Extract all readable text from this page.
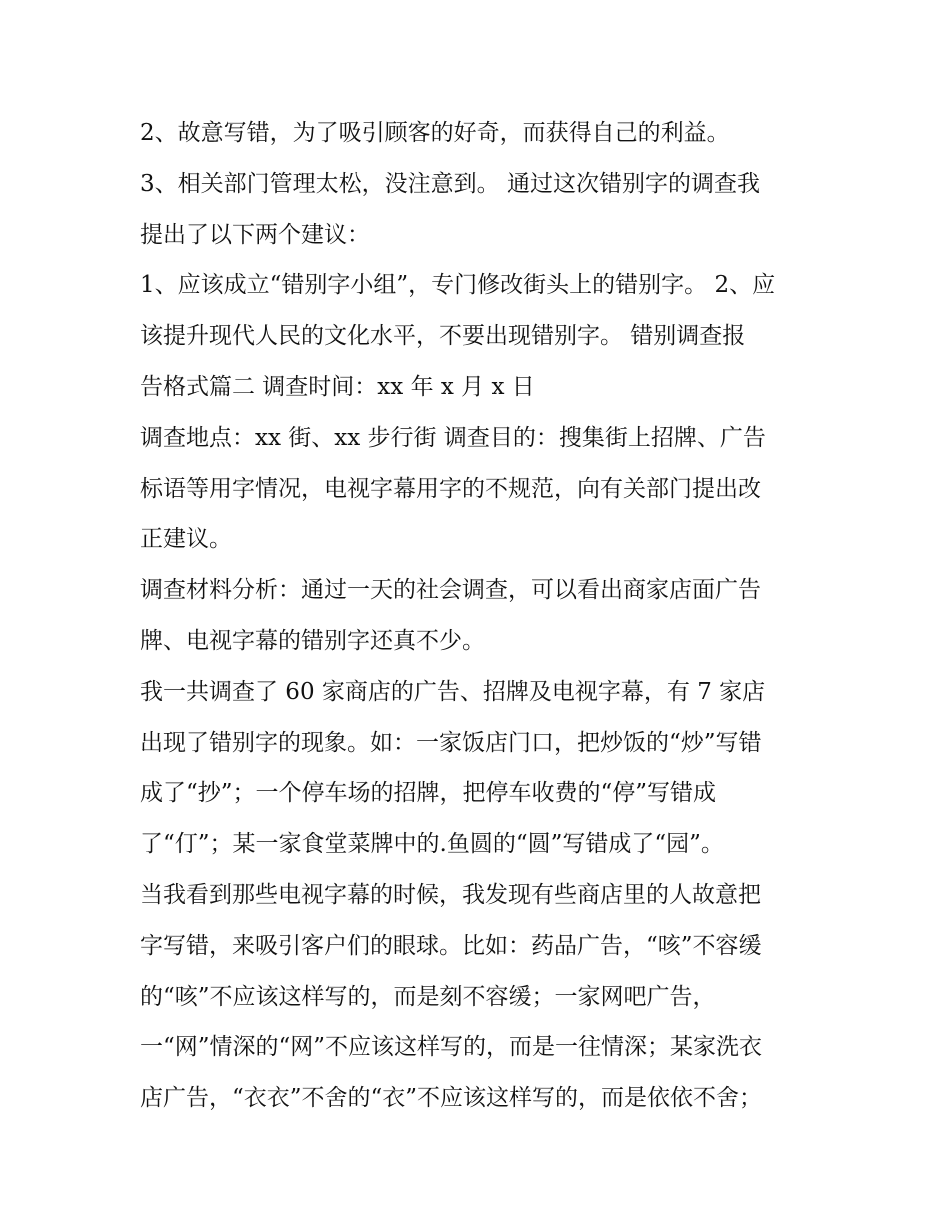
2、故意写错，为了吸引顾客的好奇，而获得自己的利益。
3、相关部门管理太松，没注意到。 通过这次错别字的调查我
提出了以下两个建议：
1、应该成立“错别字小组”，专门修改街头上的错别字。 2、应
该提升现代人民的文化水平，不要出现错别字。 错别调查报
告格式篇二 调查时间：xx 年 x 月 x 日
调查地点：xx 街、xx 步行街 调查目的：搜集街上招牌、广告
标语等用字情况，电视字幕用字的不规范，向有关部门提出改
正建议。
调查材料分析：通过一天的社会调查，可以看出商家店面广告
牌、电视字幕的错别字还真不少。
我一共调查了 60 家商店的广告、招牌及电视字幕，有 7 家店
出现了错别字的现象。如：一家饭店门口，把炒饭的“炒”写错
成了“抄”；一个停车场的招牌，把停车收费的“停”写错成
了“仃”；某一家食堂菜牌中的.鱼圆的“圆”写错成了“园”。
当我看到那些电视字幕的时候，我发现有些商店里的人故意把
字写错，来吸引客户们的眼球。比如：药品广告，“咳”不容缓
的“咳”不应该这样写的，而是刻不容缓；一家网吧广告，
一“网”情深的“网”不应该这样写的，而是一往情深；某家洗衣
店广告，“衣衣”不舍的“衣”不应该这样写的，而是依依不舍；
